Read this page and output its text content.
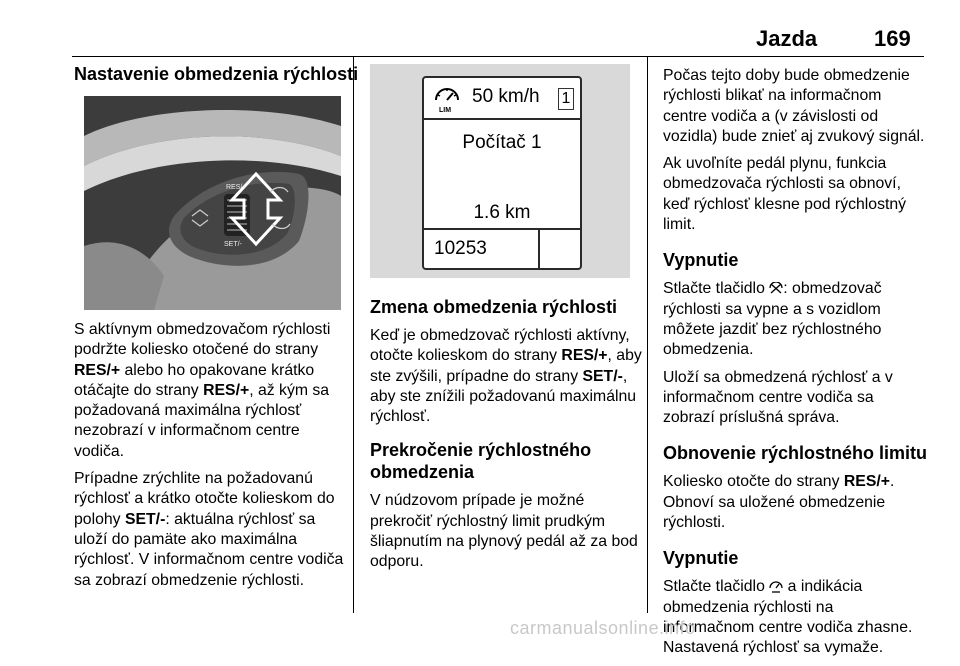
Jazda	169
Nastavenie obmedzenia rýchlosti
RES/+
SET/-

S aktívnym obmedzovačom rýchlosti podržte koliesko otočené do strany RES/+ alebo ho opakovane krátko otáčajte do strany RES/+, až kým sa požadovaná maximálna rýchlosť nezobrazí v informačnom centre vodiča.

Prípadne zrýchlite na požadovanú rýchlosť a krátko otočte kolieskom do polohy SET/-: aktuálna rýchlosť sa uloží do pamäte ako maximálna rýchlosť. V informačnom centre vodiča sa zobrazí obmedzenie rýchlosti.

LIM
50 km/h 1
Počítač 1
1.6 km
10253
Zmena obmedzenia rýchlosti

Keď je obmedzovač rýchlosti aktívny, otočte kolieskom do strany RES/+, aby ste zvýšili, prípadne do strany SET/-, aby ste znížili požadovanú maximálnu rýchlosť.

Prekročenie rýchlostného obmedzenia

V núdzovom prípade je možné prekročiť rýchlostný limit prudkým šliapnutím na plynový pedál až za bod odporu.

Počas tejto doby bude obmedzenie rýchlosti blikať na informačnom centre vodiča a (v závislosti od vozidla) bude znieť aj zvukový signál.

Ak uvoľníte pedál plynu, funkcia obmedzovača rýchlosti sa obnoví, keď rýchlosť klesne pod rýchlostný limit.

Vypnutie

Stlačte tlačidlo : obmedzovač rýchlosti sa vypne a s vozidlom môžete jazdiť bez rýchlostného obmedzenia.

Uloží sa obmedzená rýchlosť a v informačnom centre vodiča sa zobrazí príslušná správa.

Obnovenie rýchlostného limitu

Koliesko otočte do strany RES/+. Obnoví sa uložené obmedzenie rýchlosti.

Vypnutie

Stlačte tlačidlo  a indikácia obmedzenia rýchlosti na informačnom centre vodiča zhasne. Nastavená rýchlosť sa vymaže.

carmanualsonline.info
